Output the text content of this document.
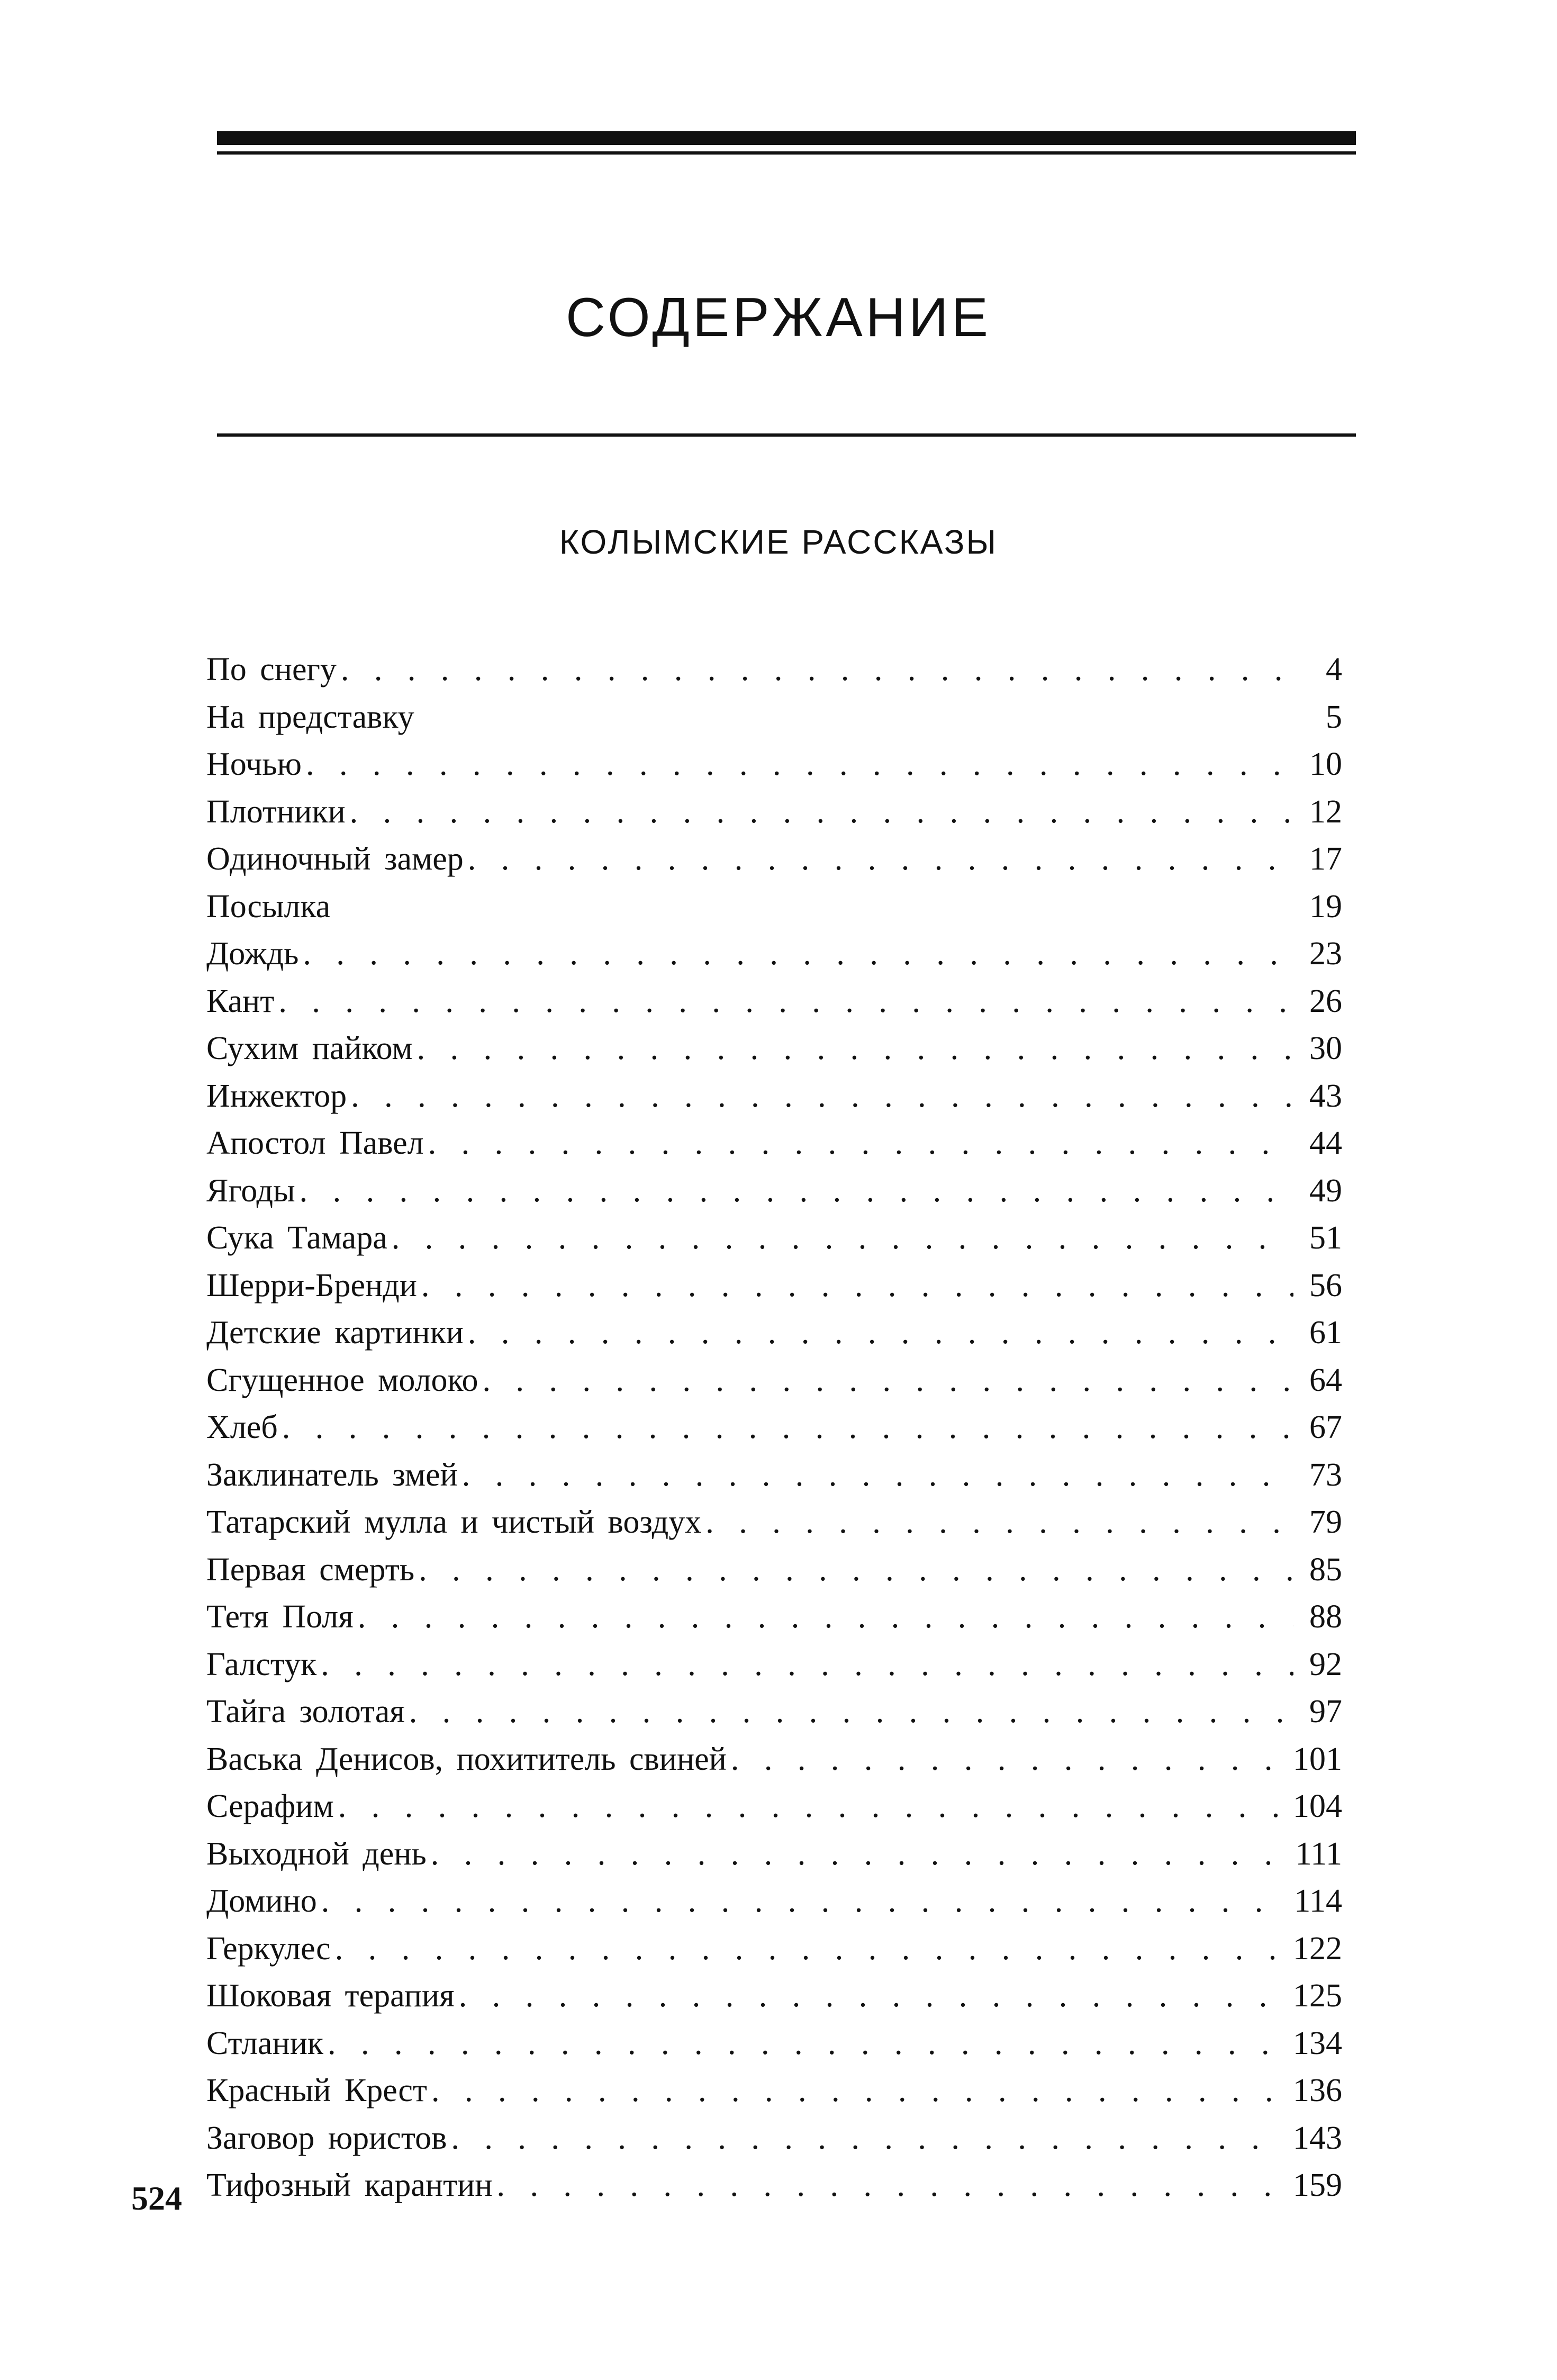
СОДЕРЖАНИЕ
КОЛЫМСКИЕ РАССКАЗЫ
По снегу . . .	4
На представку	5
Ночью . . .	10
Плотники . . .	12
Одиночный замер . . .	17
Посылка	19
Дождь . . .	23
Кант . . .	26
Сухим пайком . . .	30
Инжектор . . .	43
Апостол Павел . . .	44
Ягоды . . .	49
Сука Тамара . . .	51
Шерри-Бренди . . .	56
Детские картинки . . .	61
Сгущенное молоко . . .	64
Хлеб . . .	67
Заклинатель змей . . .	73
Татарский мулла и чистый воздух . . .	79
Первая смерть . . .	85
Тетя Поля . . .	88
Галстук . . .	92
Тайга золотая . . .	97
Васька Денисов, похититель свиней . . .	101
Серафим . . .	104
Выходной день . . .	111
Домино . . .	114
Геркулес . . .	122
Шоковая терапия . . .	125
Стланик . . .	134
Красный Крест . . .	136
Заговор юристов . . .	143
Тифозный карантин . . .	159
524
